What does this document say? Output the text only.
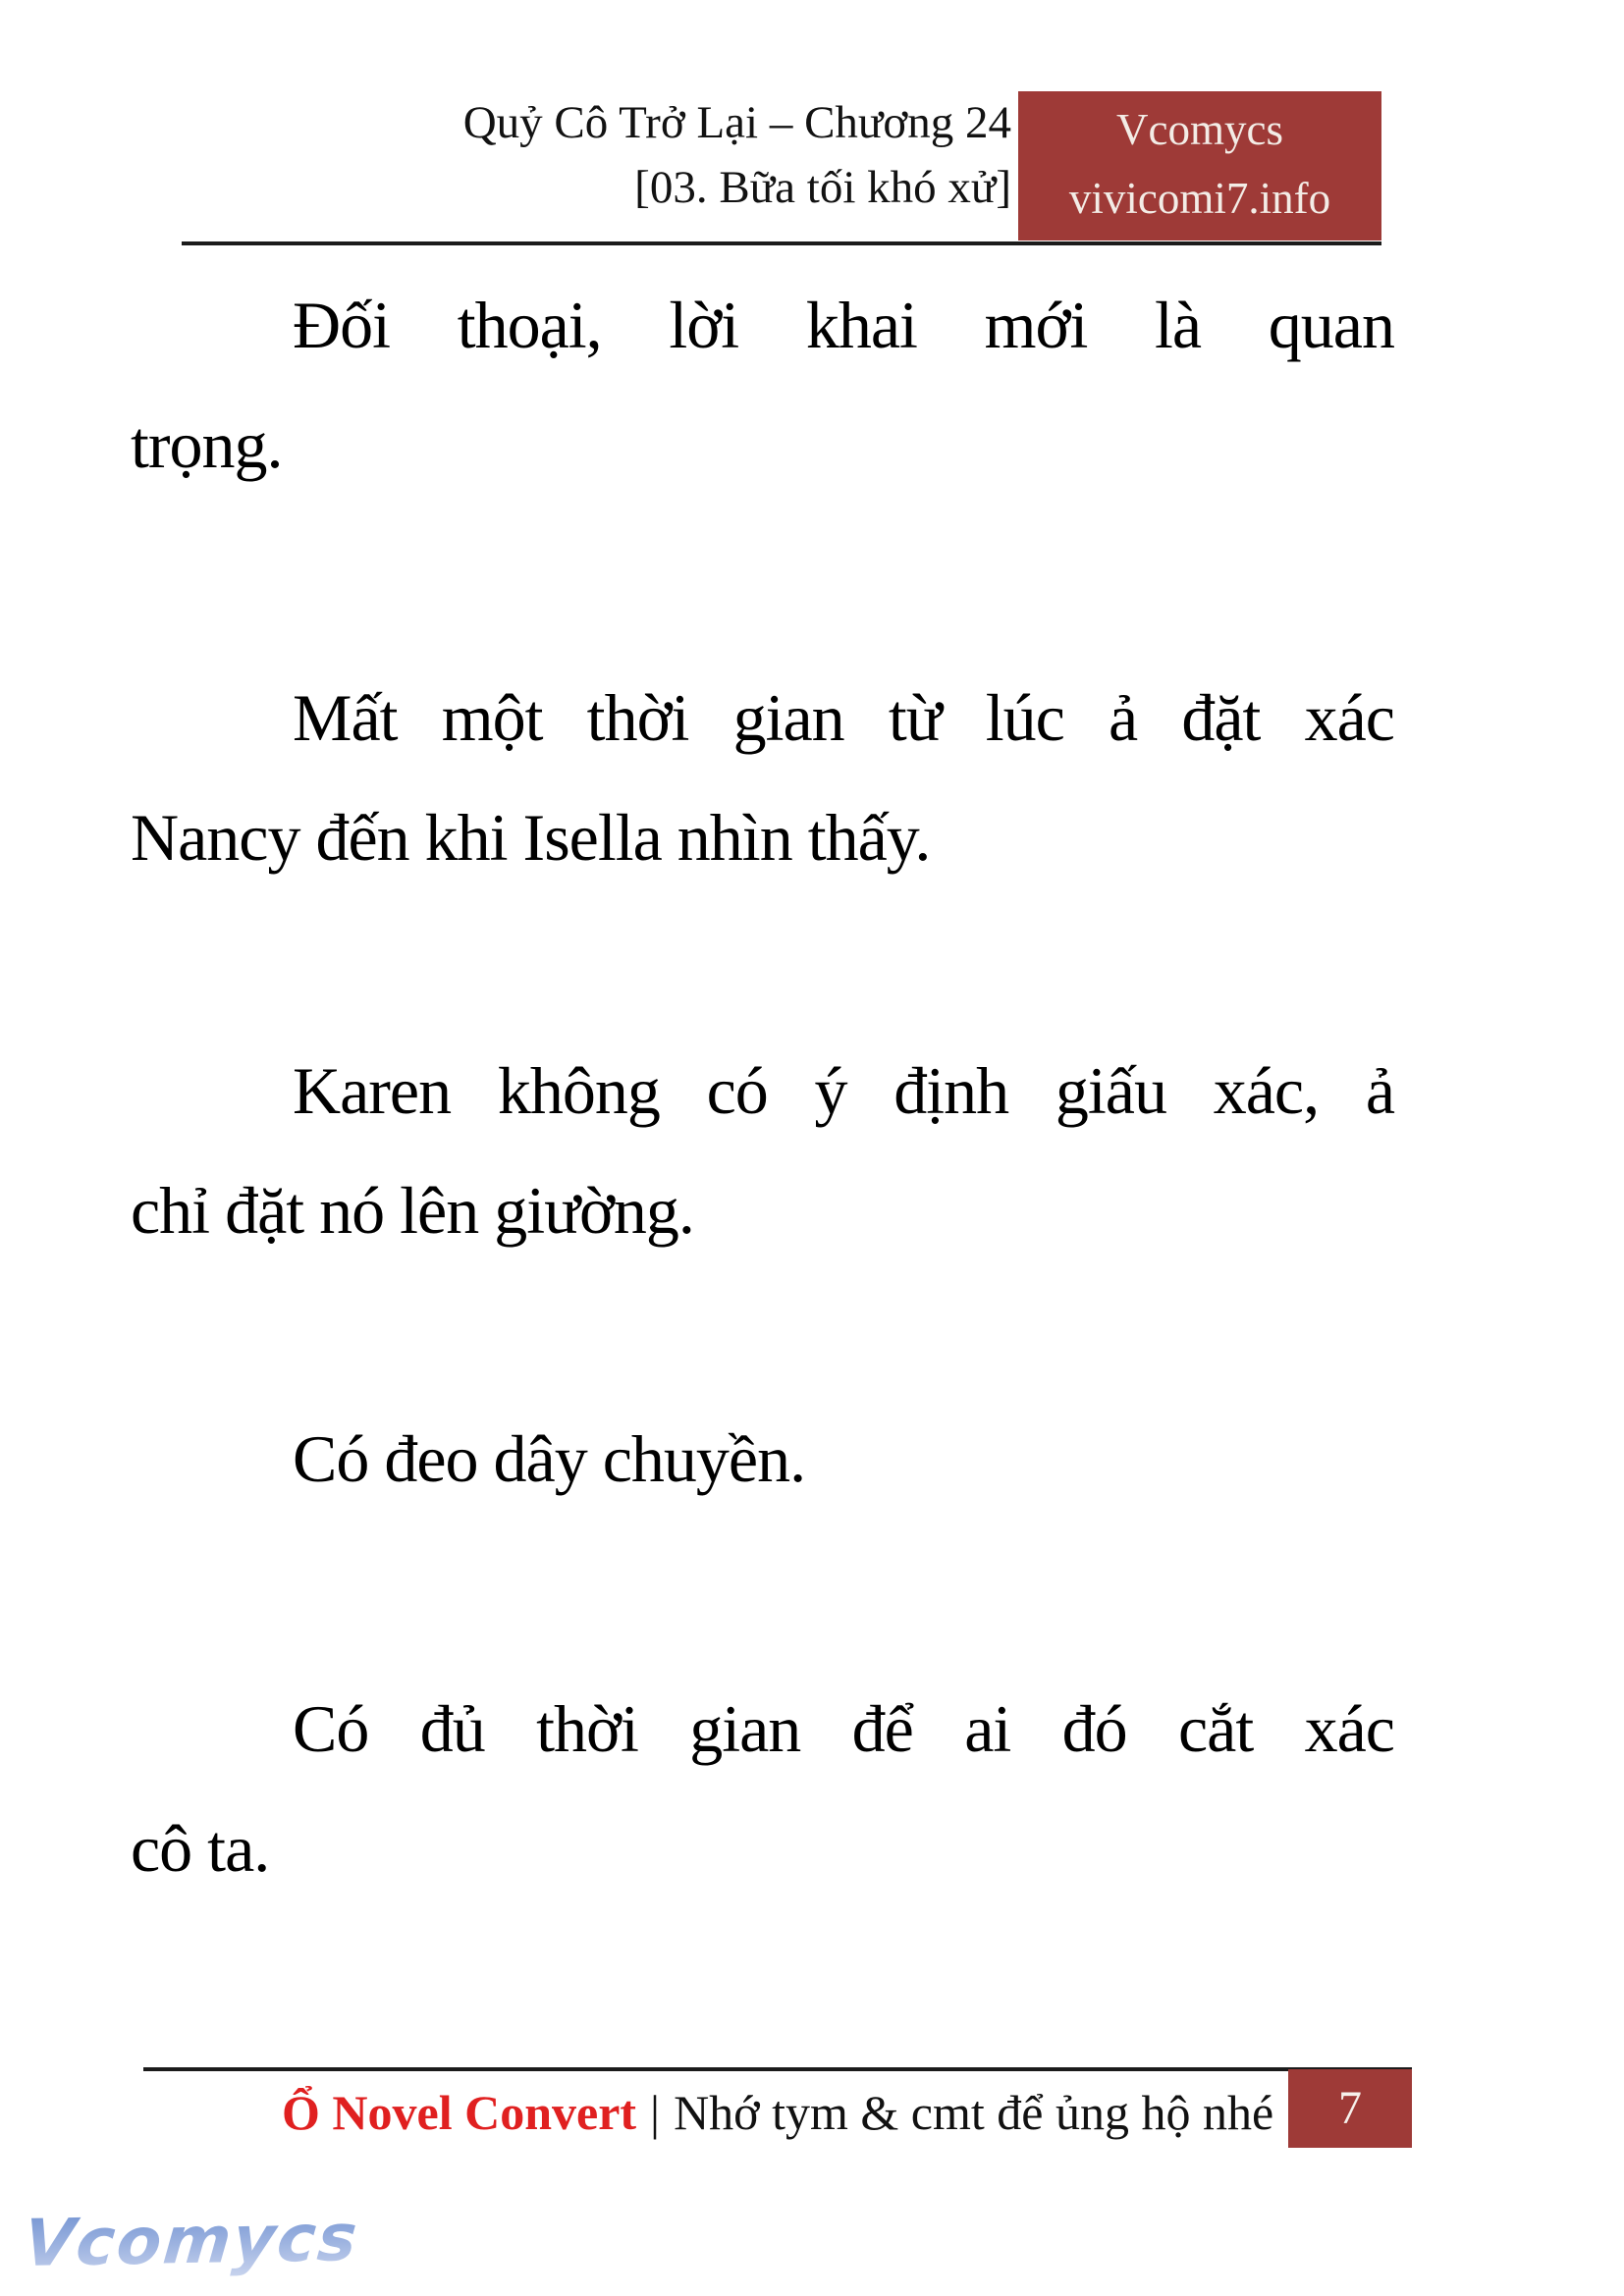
Quỷ Cô Trở Lại – Chương 24
[03. Bữa tối khó xử]
Vcomycs
vivicomi7.info
Đối thoại, lời khai mới là quan
trọng.
Mất một thời gian từ lúc ả đặt xác
Nancy đến khi Isella nhìn thấy.
Karen không có ý định giấu xác, ả
chỉ đặt nó lên giường.
Có đeo dây chuyền.
Có đủ thời gian để ai đó cắt xác
cô ta.
Ổ Novel Convert | Nhớ tym & cmt để ủng hộ nhé	7
Vcomycs
